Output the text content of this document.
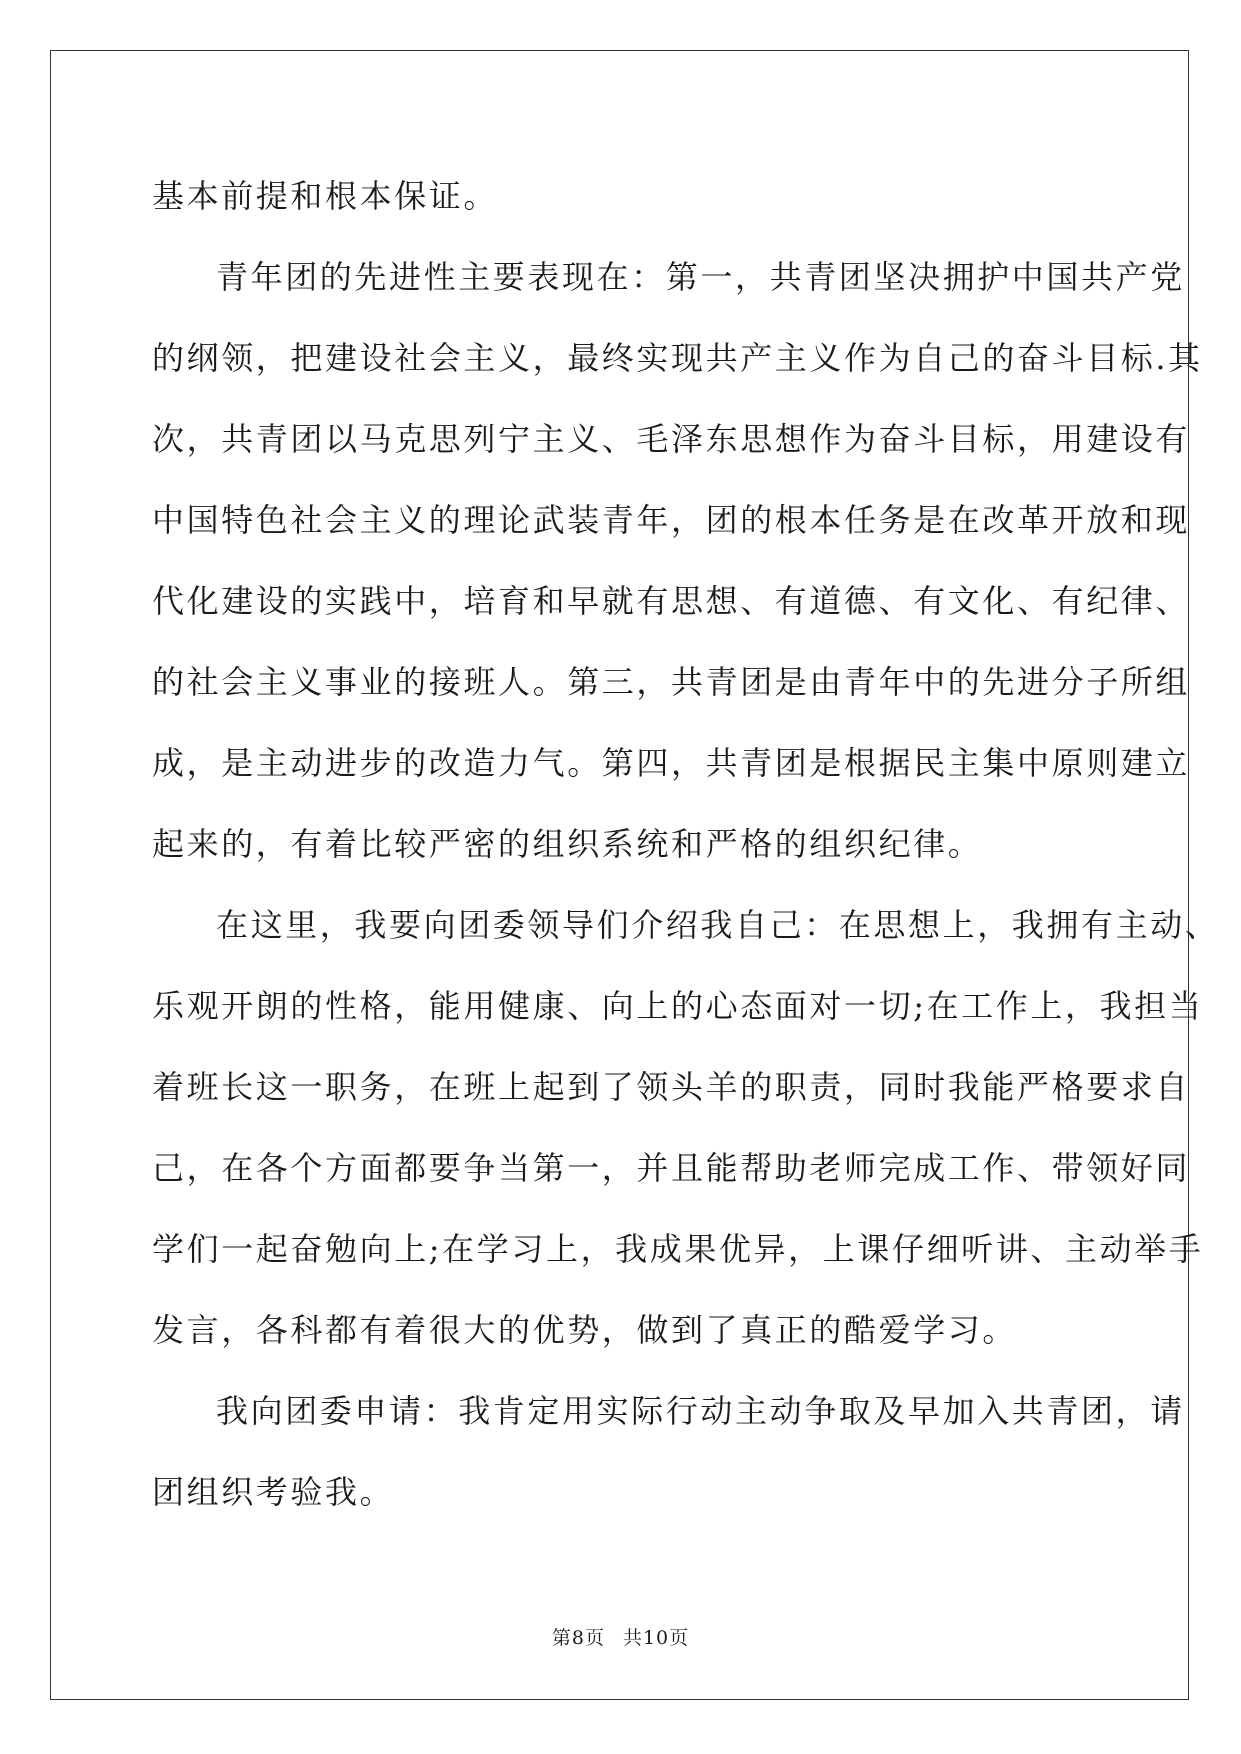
基本前提和根本保证。
青年团的先进性主要表现在：第一，共青团坚决拥护中国共产党
的纲领，把建设社会主义，最终实现共产主义作为自己的奋斗目标.其
次，共青团以马克思列宁主义、毛泽东思想作为奋斗目标，用建设有
中国特色社会主义的理论武装青年，团的根本任务是在改革开放和现
代化建设的实践中，培育和早就有思想、有道德、有文化、有纪律、
的社会主义事业的接班人。第三，共青团是由青年中的先进分子所组
成，是主动进步的改造力气。第四，共青团是根据民主集中原则建立
起来的，有着比较严密的组织系统和严格的组织纪律。
在这里，我要向团委领导们介绍我自己：在思想上，我拥有主动、
乐观开朗的性格，能用健康、向上的心态面对一切;在工作上，我担当
着班长这一职务，在班上起到了领头羊的职责，同时我能严格要求自
己，在各个方面都要争当第一，并且能帮助老师完成工作、带领好同
学们一起奋勉向上;在学习上，我成果优异，上课仔细听讲、主动举手
发言，各科都有着很大的优势，做到了真正的酷爱学习。
我向团委申请：我肯定用实际行动主动争取及早加入共青团，请
团组织考验我。
第8页 共10页
